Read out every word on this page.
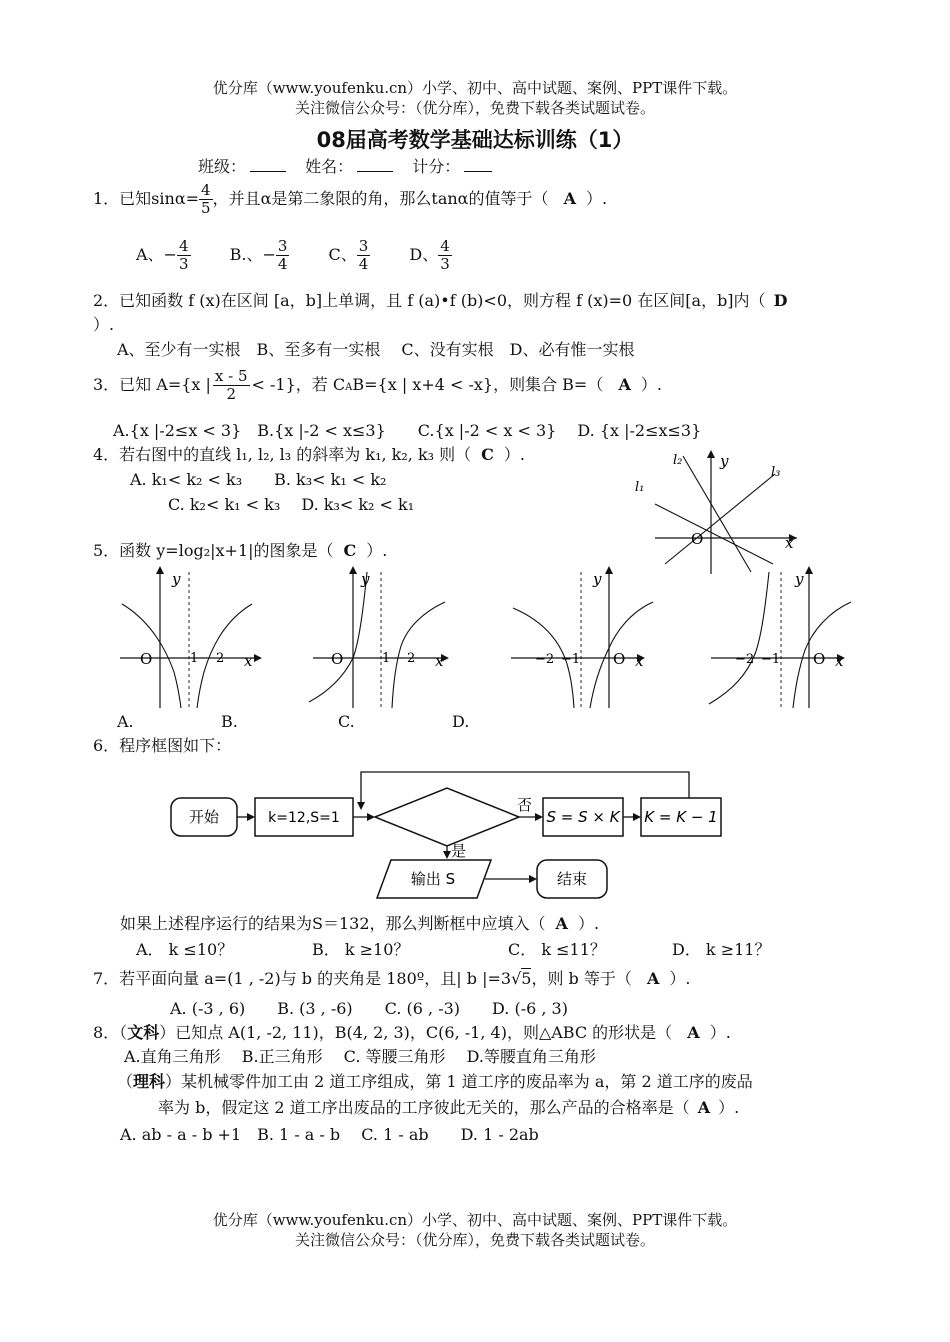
优分库（www.youfenku.cn）小学、初中、高中试题、案例、PPT课件下载。
关注微信公众号：（优分库），免费下载各类试题试卷。
08届高考数学基础达标训练（1）
班级：	姓名：	计分：
1．已知$\sin\alpha= \frac{4}{5}$ ，并且α是第二象限的角，那么tanα的值等于（ A ）.
A、− $\frac{4}{3} B$.、− $\frac{3}{4}$ C、 $\frac{3}{4}$ D、 $\frac{4}{3}$
2．已知函数 f (x)在区间 [a，b]上单调，且 f (a)•f (b)<0，则方程 f (x)=0 在区间[a，b]内（ D
）.
A、至少有一实根　B、至多有一实根　 C、没有实根　D、必有惟一实根
3．已知 A={x | $\frac{x - 5}{2} < -1$}，若 CAB={x | x+4 < -x}，则集合 B=（ A ）.
A.{x |-2≤x < 3}　B.{x |-2 < x≤3}　　C.{x |-2 < x < 3}　 D. {x |-2≤x≤3}
4．若右图中的直线 l₁, l₂, l₃ 的斜率为 k₁, k₂, k₃ 则（ C ）.
A. k₁< k₂ < k₃　　B. k₃< k₁ < k₂
C. k₂< k₁ < k₃　 D. k₃< k₂ < k₁
l₂
l₁
l₃
y
x
O
5．函数 y=log₂|x+1|的图象是（ C ）.
y
O	1 2 x
y
O	1 2 x
y
−2 −1 O x
y
−2 −1 O x
A.	B.	C.	D.
6．程序框图如下：
开始	k=12,S=1
否
S = S × K K = K − 1
是
输出 S	结束
如果上述程序运行的结果为S＝132，那么判断框中应填入（ A ）.
A． k ≤10？	B． k ≥10？	C． k ≤11？	D． k ≥11？
7．若平面向量 a=(1 , -2)与 b 的夹角是 180º，且| b |=3√5，则 b 等于（ A ）.
A. (-3 , 6)　　B. (3 , -6)　　C. (6 , -3)　　D. (-6 , 3)
8．（文科）已知点 A(1, -2, 11)，B(4, 2, 3)，C(6, -1, 4)，则△ABC 的形状是（ A ）.
A.直角三角形　 B.正三角形　 C. 等腰三角形　 D.等腰直角三角形
（理科）某机械零件加工由 2 道工序组成，第 1 道工序的废品率为 a，第 2 道工序的废品
率为 b，假定这 2 道工序出废品的工序彼此无关的，那么产品的合格率是（ A ）.
A. ab - a - b +1　B. 1 - a - b　 C. 1 - ab　　D. 1 - 2ab
优分库（www.youfenku.cn）小学、初中、高中试题、案例、PPT课件下载。
关注微信公众号：（优分库），免费下载各类试题试卷。
